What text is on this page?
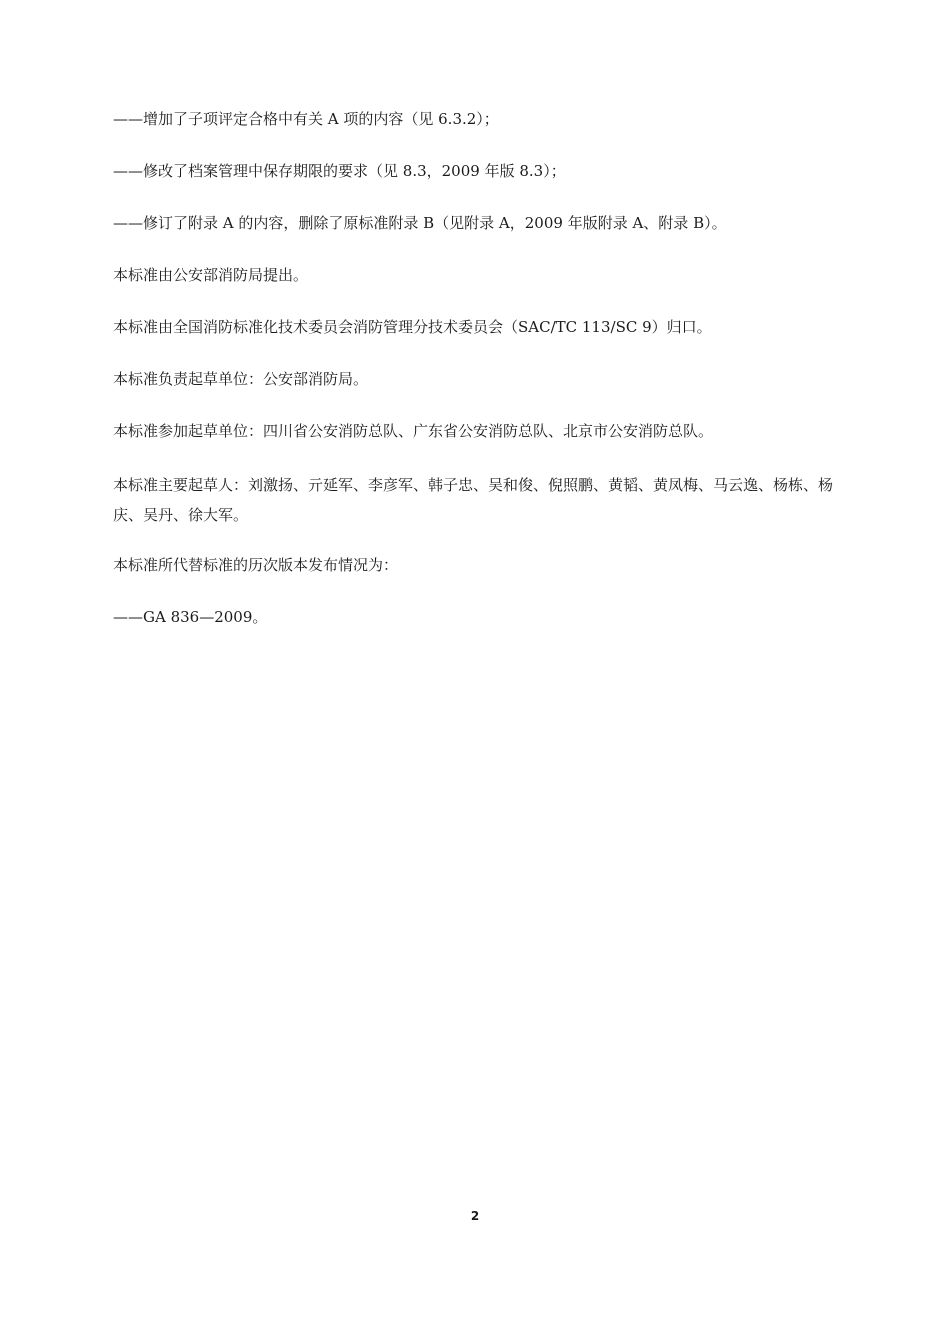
——增加了子项评定合格中有关 A 项的内容（见 6.3.2）；

——修改了档案管理中保存期限的要求（见 8.3，2009 年版 8.3）；

——修订了附录 A 的内容，删除了原标准附录 B（见附录 A，2009 年版附录 A、附录 B）。

本标准由公安部消防局提出。

本标准由全国消防标准化技术委员会消防管理分技术委员会（SAC/TC 113/SC 9）归口。

本标准负责起草单位：公安部消防局。

本标准参加起草单位：四川省公安消防总队、广东省公安消防总队、北京市公安消防总队。

本标准主要起草人：刘激扬、亓延军、李彦军、韩子忠、吴和俊、倪照鹏、黄韬、黄凤梅、马云逸、杨栋、杨庆、吴丹、徐大军。

本标准所代替标准的历次版本发布情况为：

——GA 836—2009。

2
